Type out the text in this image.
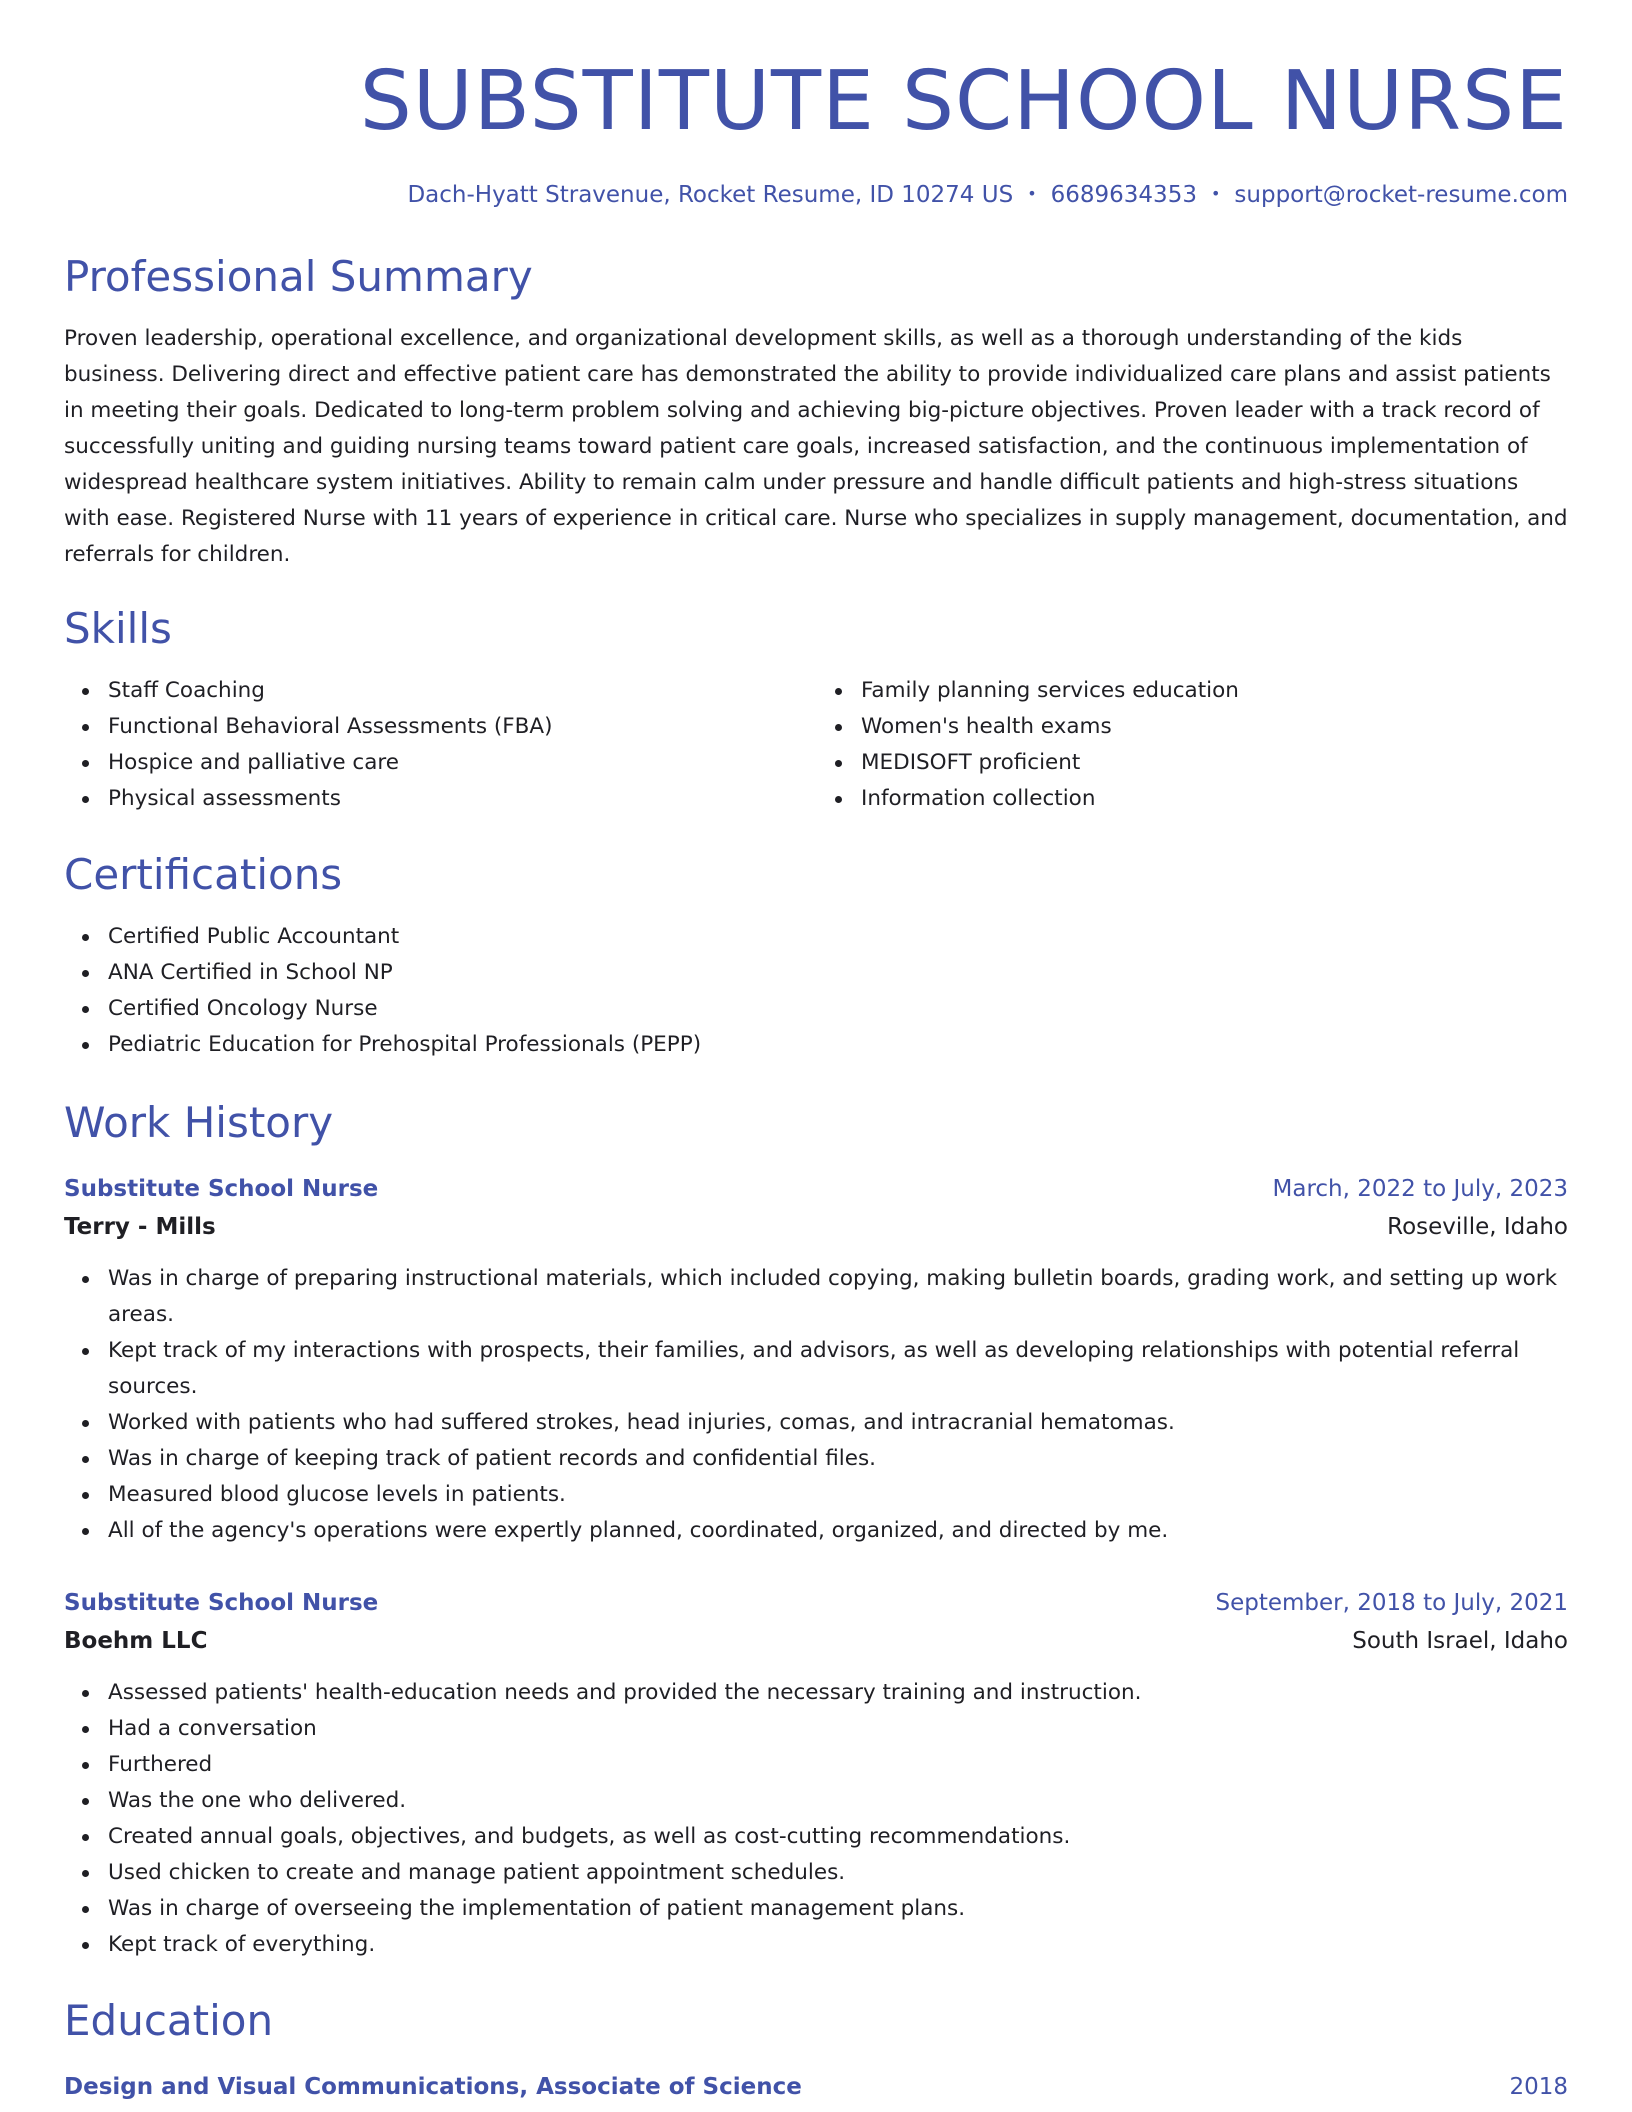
SUBSTITUTE SCHOOL NURSE
Dach-Hyatt Stravenue, Rocket Resume, ID 10274 US • 6689634353 • support@rocket-resume.com
Professional Summary

Proven leadership, operational excellence, and organizational development skills, as well as a thorough understanding of the kids business. Delivering direct and effective patient care has demonstrated the ability to provide individualized care plans and assist patients in meeting their goals. Dedicated to long-term problem solving and achieving big-picture objectives. Proven leader with a track record of successfully uniting and guiding nursing teams toward patient care goals, increased satisfaction, and the continuous implementation of widespread healthcare system initiatives. Ability to remain calm under pressure and handle difficult patients and high-stress situations with ease. Registered Nurse with 11 years of experience in critical care. Nurse who specializes in supply management, documentation, and referrals for children.

Skills
Staff Coaching
Functional Behavioral Assessments (FBA)
Hospice and palliative care
Physical assessments
Family planning services education
Women's health exams
MEDISOFT proficient
Information collection
Certifications
Certified Public Accountant
ANA Certified in School NP
Certified Oncology Nurse
Pediatric Education for Prehospital Professionals (PEPP)
Work History
Substitute School Nurse	March, 2022 to July, 2023
Terry - Mills	Roseville, Idaho
Was in charge of preparing instructional materials, which included copying, making bulletin boards, grading work, and setting up work areas.
Kept track of my interactions with prospects, their families, and advisors, as well as developing relationships with potential referral sources.
Worked with patients who had suffered strokes, head injuries, comas, and intracranial hematomas.
Was in charge of keeping track of patient records and confidential files.
Measured blood glucose levels in patients.
All of the agency's operations were expertly planned, coordinated, organized, and directed by me.
Substitute School Nurse	September, 2018 to July, 2021
Boehm LLC	South Israel, Idaho
Assessed patients' health-education needs and provided the necessary training and instruction.
Had a conversation
Furthered
Was the one who delivered.
Created annual goals, objectives, and budgets, as well as cost-cutting recommendations.
Used chicken to create and manage patient appointment schedules.
Was in charge of overseeing the implementation of patient management plans.
Kept track of everything.
Education
Design and Visual Communications, Associate of Science	2018
